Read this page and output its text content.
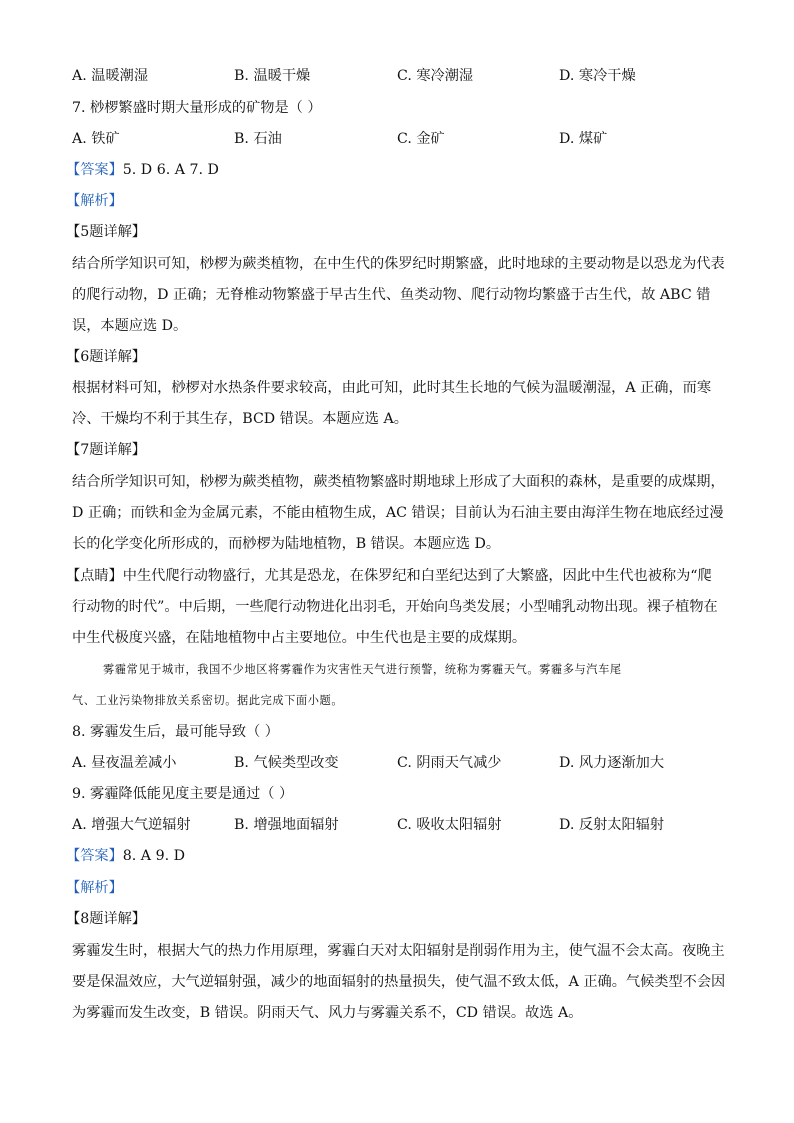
A. 温暖潮湿	B. 温暖干燥	C. 寒冷潮湿	D. 寒冷干燥
7. 桫椤繁盛时期大量形成的矿物是（ ）
A. 铁矿	B. 石油	C. 金矿	D. 煤矿
【答案】5. D 6. A 7. D
【解析】
【5题详解】
结合所学知识可知，桫椤为蕨类植物，在中生代的侏罗纪时期繁盛，此时地球的主要动物是以恐龙为代表
的爬行动物，D 正确；无脊椎动物繁盛于早古生代、鱼类动物、爬行动物均繁盛于古生代，故 ABC 错
误，本题应选 D。
【6题详解】
根据材料可知，桫椤对水热条件要求较高，由此可知，此时其生长地的气候为温暖潮湿，A 正确，而寒
冷、干燥均不利于其生存，BCD 错误。本题应选 A。
【7题详解】
结合所学知识可知，桫椤为蕨类植物，蕨类植物繁盛时期地球上形成了大面积的森林，是重要的成煤期，
D 正确；而铁和金为金属元素，不能由植物生成，AC 错误；目前认为石油主要由海洋生物在地底经过漫
长的化学变化所形成的，而桫椤为陆地植物，B 错误。本题应选 D。
【点睛】中生代爬行动物盛行，尤其是恐龙，在侏罗纪和白垩纪达到了大繁盛，因此中生代也被称为“爬
行动物的时代”。中后期，一些爬行动物进化出羽毛，开始向鸟类发展；小型哺乳动物出现。裸子植物在
中生代极度兴盛，在陆地植物中占主要地位。中生代也是主要的成煤期。
雾霾常见于城市，我国不少地区将雾霾作为灾害性天气进行预警，统称为雾霾天气。雾霾多与汽车尾
气、工业污染物排放关系密切。据此完成下面小题。
8. 雾霾发生后，最可能导致（ ）
A. 昼夜温差减小	B. 气候类型改变	C. 阴雨天气减少	D. 风力逐渐加大
9. 雾霾降低能见度主要是通过（ ）
A. 增强大气逆辐射	B. 增强地面辐射	C. 吸收太阳辐射	D. 反射太阳辐射
【答案】8. A 9. D
【解析】
【8题详解】
雾霾发生时，根据大气的热力作用原理，雾霾白天对太阳辐射是削弱作用为主，使气温不会太高。夜晚主
要是保温效应，大气逆辐射强，减少的地面辐射的热量损失，使气温不致太低，A 正确。气候类型不会因
为雾霾而发生改变，B 错误。阴雨天气、风力与雾霾关系不，CD 错误。故选 A。
